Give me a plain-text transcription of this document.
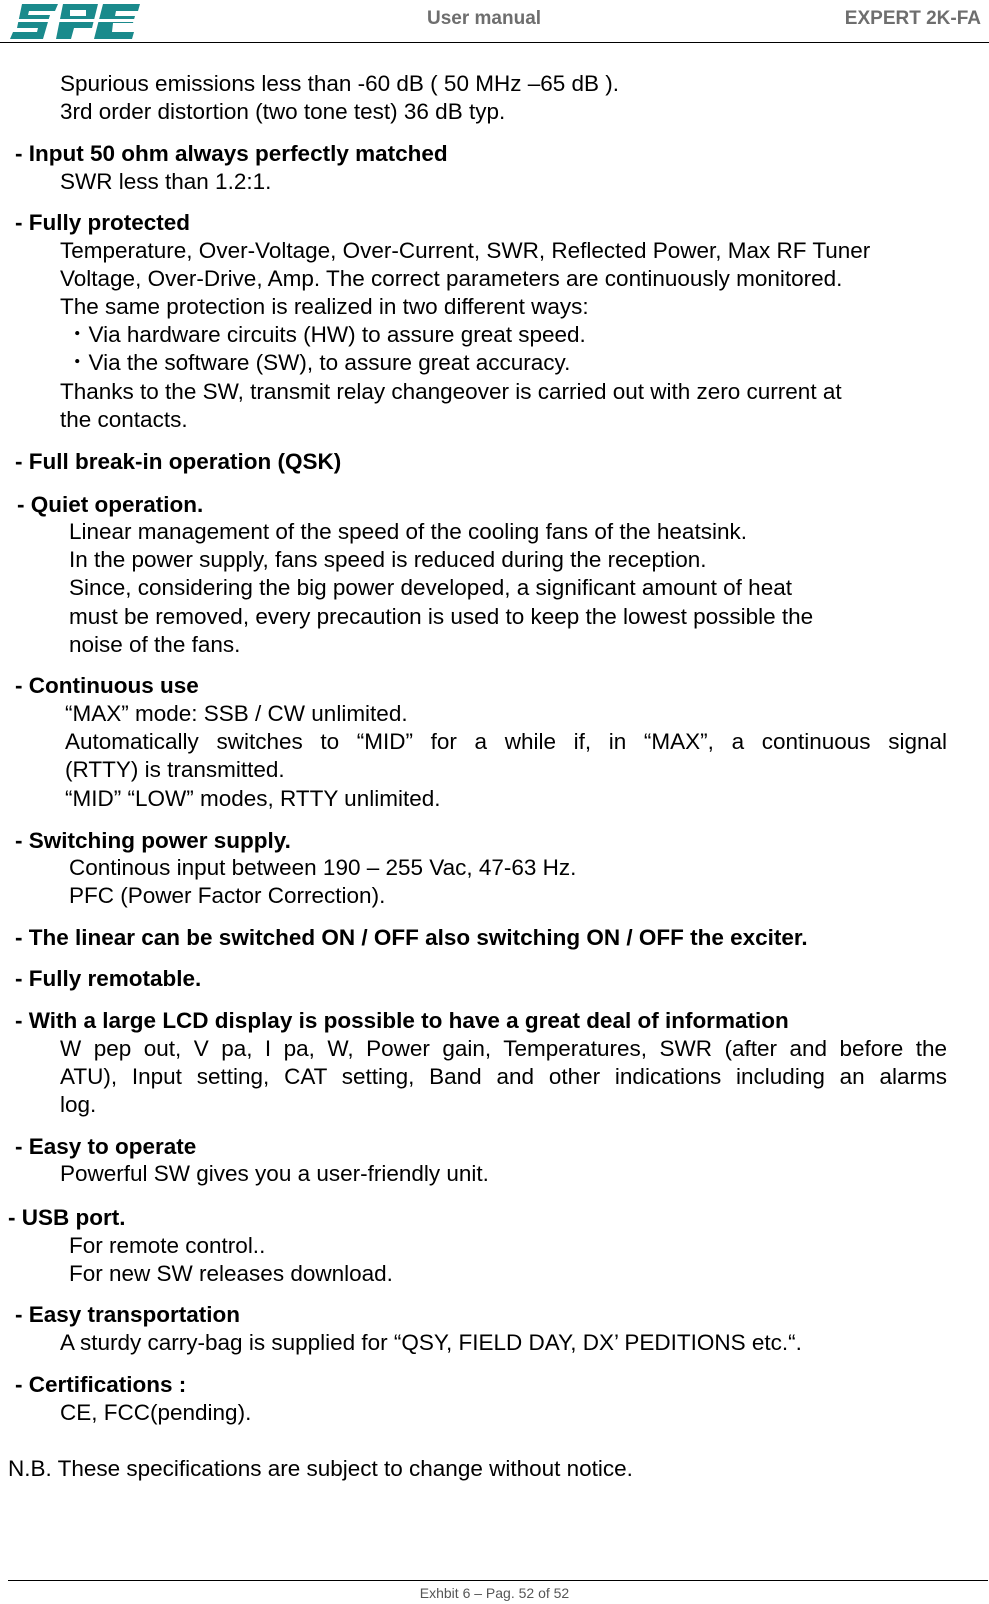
User manual	EXPERT 2K-FA
Spurious emissions less than -60 dB ( 50 MHz –65 dB ).
3rd order distortion (two tone test) 36 dB typ.
- Input 50 ohm always perfectly matched
SWR less than 1.2:1.
- Fully protected
Temperature, Over-Voltage, Over-Current, SWR, Reflected Power, Max RF Tuner
Voltage, Over-Drive, Amp. The correct parameters are continuously monitored.
The same protection is realized in two different ways:
・Via hardware circuits (HW) to assure great speed.
・Via the software (SW), to assure great accuracy.
Thanks to the SW, transmit relay changeover is carried out with zero current at
the contacts.
- Full break-in operation (QSK)
- Quiet operation.
Linear management of the speed of the cooling fans of the heatsink.
In the power supply, fans speed is reduced during the reception.
Since, considering the big power developed, a significant amount of heat
must be removed, every precaution is used to keep the lowest possible the
noise of the fans.
- Continuous use
“MAX” mode: SSB / CW unlimited.
Automatically switches to “MID” for a while if, in “MAX”, a continuous signal
(RTTY) is transmitted.
“MID” “LOW” modes, RTTY unlimited.
- Switching power supply.
Continous input between 190 – 255 Vac, 47-63 Hz.
PFC (Power Factor Correction).
- The linear can be switched ON / OFF also switching ON / OFF the exciter.
- Fully remotable.
- With a large LCD display is possible to have a great deal of information
W pep out, V pa, I pa, W, Power gain, Temperatures, SWR (after and before the
ATU), Input setting, CAT setting, Band and other indications including an alarms
log.
- Easy to operate
Powerful SW gives you a user-friendly unit.
- USB port.
For remote control..
For new SW releases download.
- Easy transportation
A sturdy carry-bag is supplied for “QSY, FIELD DAY, DX’ PEDITIONS etc.“.
- Certifications :
CE, FCC(pending).
N.B. These specifications are subject to change without notice.
Exhbit 6 – Pag. 52 of 52
